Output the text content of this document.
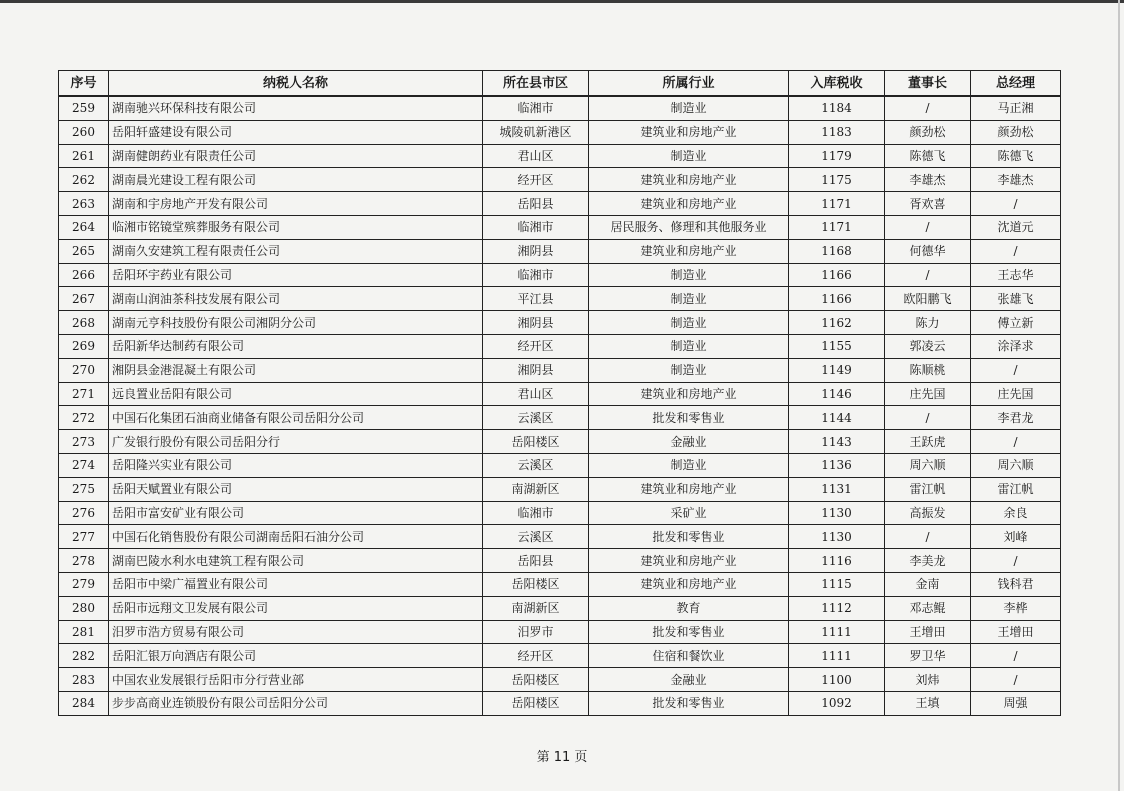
序号	纳税人名称	所在县市区	所属行业	入库税收	董事长	总经理
259	湖南驰兴环保科技有限公司	临湘市	制造业	1184	/	马正湘
260	岳阳轩盛建设有限公司	城陵矶新港区	建筑业和房地产业	1183	颜劲松	颜劲松
261	湖南健朗药业有限责任公司	君山区	制造业	1179	陈德飞	陈德飞
262	湖南晨光建设工程有限公司	经开区	建筑业和房地产业	1175	李雄杰	李雄杰
263	湖南和宇房地产开发有限公司	岳阳县	建筑业和房地产业	1171	胥欢喜	/
264	临湘市铭镜堂殡葬服务有限公司	临湘市	居民服务、修理和其他服务业	1171	/	沈道元
265	湖南久安建筑工程有限责任公司	湘阴县	建筑业和房地产业	1168	何德华	/
266	岳阳环宇药业有限公司	临湘市	制造业	1166	/	王志华
267	湖南山润油茶科技发展有限公司	平江县	制造业	1166	欧阳鹏飞	张雄飞
268	湖南元亨科技股份有限公司湘阴分公司	湘阴县	制造业	1162	陈力	傅立新
269	岳阳新华达制药有限公司	经开区	制造业	1155	郭凌云	涂泽求
270	湘阴县金港混凝土有限公司	湘阴县	制造业	1149	陈顺桃	/
271	远良置业岳阳有限公司	君山区	建筑业和房地产业	1146	庄先国	庄先国
272	中国石化集团石油商业储备有限公司岳阳分公司	云溪区	批发和零售业	1144	/	李君龙
273	广发银行股份有限公司岳阳分行	岳阳楼区	金融业	1143	王跃虎	/
274	岳阳隆兴实业有限公司	云溪区	制造业	1136	周六顺	周六顺
275	岳阳天赋置业有限公司	南湖新区	建筑业和房地产业	1131	雷江帆	雷江帆
276	岳阳市富安矿业有限公司	临湘市	采矿业	1130	高振发	余良
277	中国石化销售股份有限公司湖南岳阳石油分公司	云溪区	批发和零售业	1130	/	刘峰
278	湖南巴陵水利水电建筑工程有限公司	岳阳县	建筑业和房地产业	1116	李美龙	/
279	岳阳市中梁广福置业有限公司	岳阳楼区	建筑业和房地产业	1115	金南	钱科君
280	岳阳市远翔文卫发展有限公司	南湖新区	教育	1112	邓志鲲	李桦
281	汨罗市浩方贸易有限公司	汨罗市	批发和零售业	1111	王增田	王增田
282	岳阳汇银万向酒店有限公司	经开区	住宿和餐饮业	1111	罗卫华	/
283	中国农业发展银行岳阳市分行营业部	岳阳楼区	金融业	1100	刘炜	/
284	步步高商业连锁股份有限公司岳阳分公司	岳阳楼区	批发和零售业	1092	王填	周强
第 11 页
